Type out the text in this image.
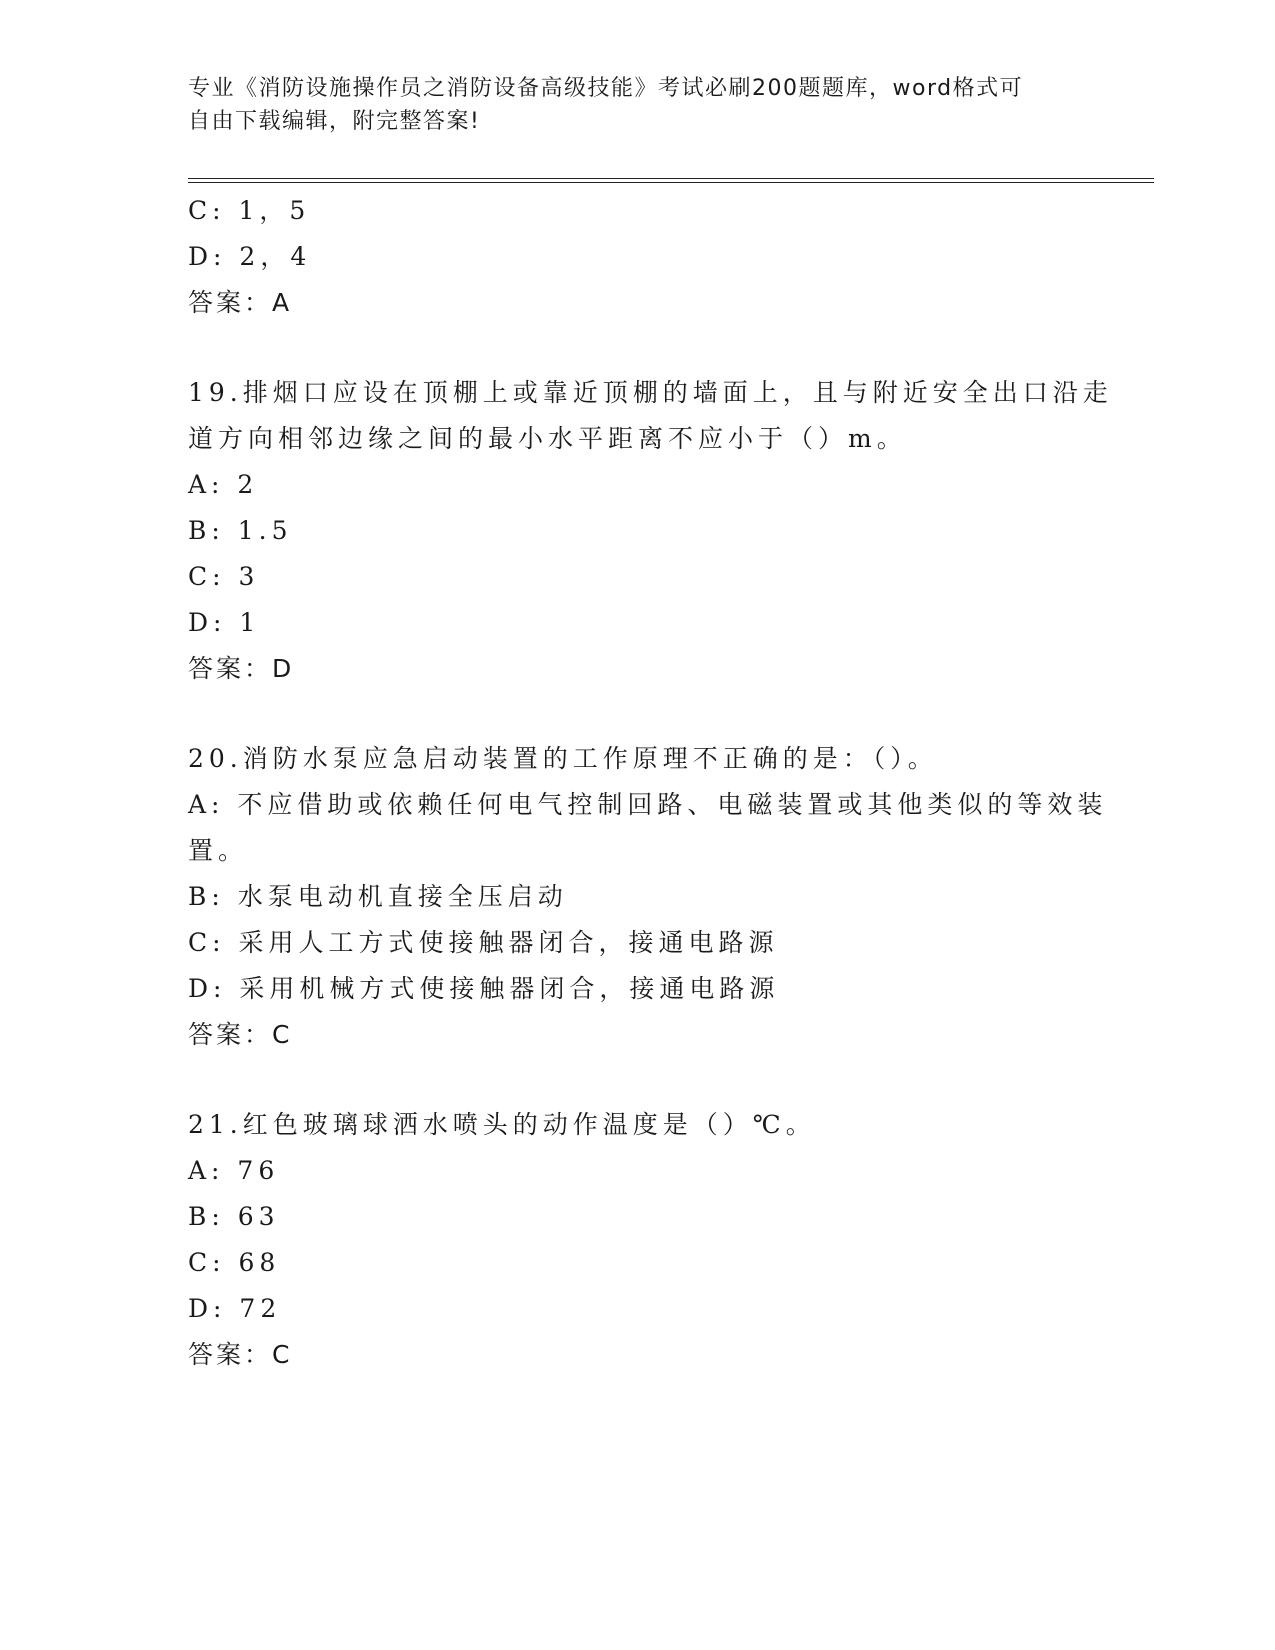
专业《消防设施操作员之消防设备高级技能》考试必刷200题题库，word格式可
自由下载编辑，附完整答案!
C: 1，5
D: 2，4
答案：A
19.排烟口应设在顶棚上或靠近顶棚的墙面上，且与附近安全出口沿走
道方向相邻边缘之间的最小水平距离不应小于（）m。
A: 2
B: 1.5
C: 3
D: 1
答案：D
20.消防水泵应急启动装置的工作原理不正确的是：（）。
A: 不应借助或依赖任何电气控制回路、电磁装置或其他类似的等效装
置。
B: 水泵电动机直接全压启动
C: 采用人工方式使接触器闭合，接通电路源
D: 采用机械方式使接触器闭合，接通电路源
答案：C
21.红色玻璃球洒水喷头的动作温度是（）℃。
A: 76
B: 63
C: 68
D: 72
答案：C
